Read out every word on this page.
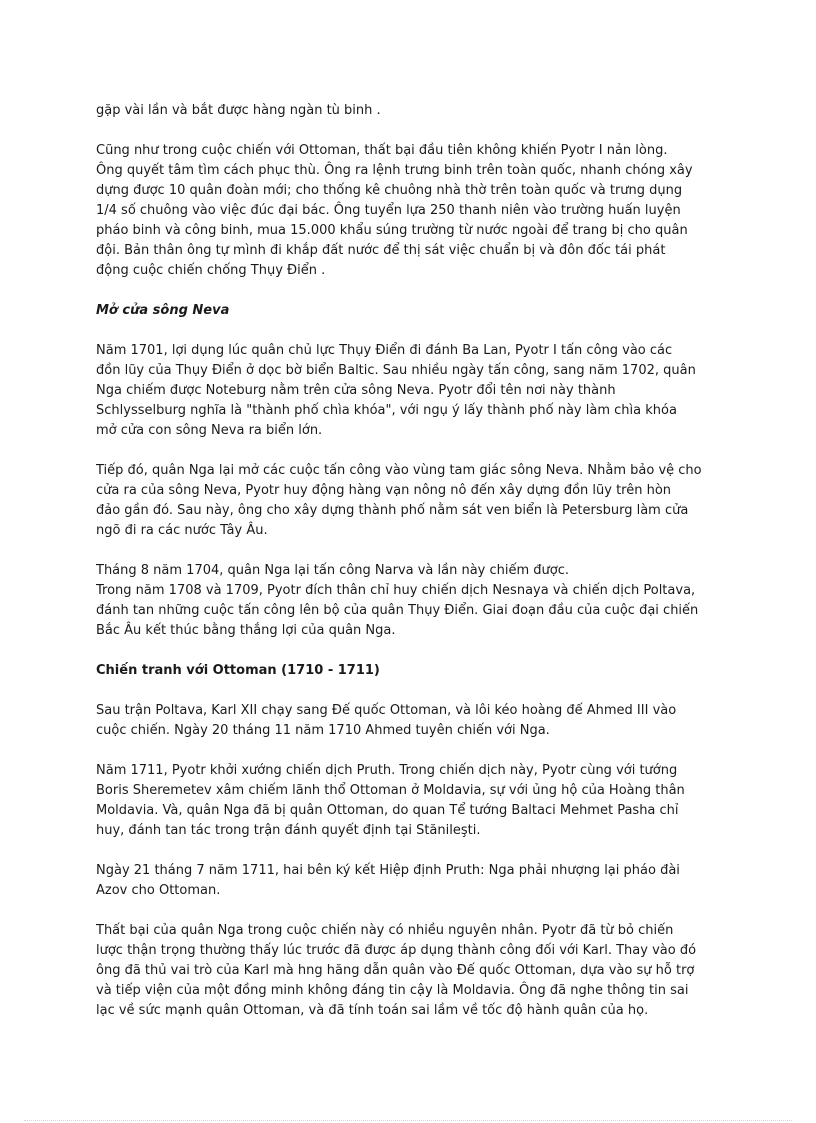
gặp vài lần và bắt được hàng ngàn tù binh .

Cũng như trong cuộc chiến với Ottoman, thất bại đầu tiên không khiến Pyotr I nản lòng.
Ông quyết tâm tìm cách phục thù. Ông ra lệnh trưng binh trên toàn quốc, nhanh chóng xây
dựng được 10 quân đoàn mới; cho thống kê chuông nhà thờ trên toàn quốc và trưng dụng
1/4 số chuông vào việc đúc đại bác. Ông tuyển lựa 250 thanh niên vào trường huấn luyện
pháo binh và công binh, mua 15.000 khẩu súng trường từ nước ngoài để trang bị cho quân
đội. Bản thân ông tự mình đi khắp đất nước để thị sát việc chuẩn bị và đôn đốc tái phát
động cuộc chiến chống Thụy Điển .

Mở cửa sông Neva

Năm 1701, lợi dụng lúc quân chủ lực Thụy Điển đi đánh Ba Lan, Pyotr I tấn công vào các
đồn lũy của Thụy Điển ở dọc bờ biển Baltic. Sau nhiều ngày tấn công, sang năm 1702, quân
Nga chiếm được Noteburg nằm trên cửa sông Neva. Pyotr đổi tên nơi này thành
Schlysselburg nghĩa là "thành phố chìa khóa", với ngụ ý lấy thành phố này làm chìa khóa
mở cửa con sông Neva ra biển lớn.

Tiếp đó, quân Nga lại mở các cuộc tấn công vào vùng tam giác sông Neva. Nhằm bảo vệ cho
cửa ra của sông Neva, Pyotr huy động hàng vạn nông nô đến xây dựng đồn lũy trên hòn
đảo gần đó. Sau này, ông cho xây dựng thành phố nằm sát ven biển là Petersburg làm cửa
ngõ đi ra các nước Tây Âu.

Tháng 8 năm 1704, quân Nga lại tấn công Narva và lần này chiếm được.
Trong năm 1708 và 1709, Pyotr đích thân chỉ huy chiến dịch Nesnaya và chiến dịch Poltava,
đánh tan những cuộc tấn công lên bộ của quân Thụy Điển. Giai đoạn đầu của cuộc đại chiến
Bắc Âu kết thúc bằng thắng lợi của quân Nga.

Chiến tranh với Ottoman (1710 - 1711)

Sau trận Poltava, Karl XII chạy sang Đế quốc Ottoman, và lôi kéo hoàng đế Ahmed III vào
cuộc chiến. Ngày 20 tháng 11 năm 1710 Ahmed tuyên chiến với Nga.

Năm 1711, Pyotr khởi xướng chiến dịch Pruth. Trong chiến dịch này, Pyotr cùng với tướng
Boris Sheremetev xâm chiếm lãnh thổ Ottoman ở Moldavia, sự với ủng hộ của Hoàng thân
Moldavia. Và, quân Nga đã bị quân Ottoman, do quan Tể tướng Baltaci Mehmet Pasha chỉ
huy, đánh tan tác trong trận đánh quyết định tại Stănileşti.

Ngày 21 tháng 7 năm 1711, hai bên ký kết Hiệp định Pruth: Nga phải nhượng lại pháo đài
Azov cho Ottoman.

Thất bại của quân Nga trong cuộc chiến này có nhiều nguyên nhân. Pyotr đã từ bỏ chiến
lược thận trọng thường thấy lúc trước đã được áp dụng thành công đối với Karl. Thay vào đó
ông đã thủ vai trò của Karl mà hng hăng dẫn quân vào Đế quốc Ottoman, dựa vào sự hỗ trợ
và tiếp viện của một đồng minh không đáng tin cậy là Moldavia. Ông đã nghe thông tin sai
lạc về sức mạnh quân Ottoman, và đã tính toán sai lầm về tốc độ hành quân của họ.
